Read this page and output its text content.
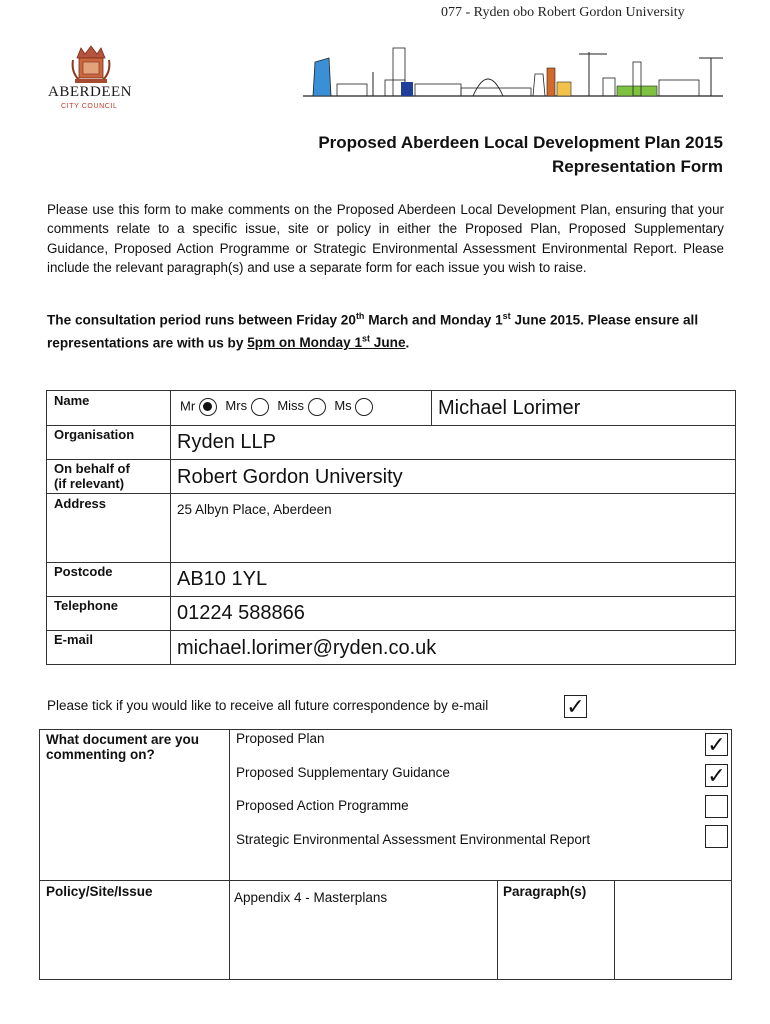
077 - Ryden obo Robert Gordon University
ABERDEEN
CITY COUNCIL
Proposed Aberdeen Local Development Plan 2015
Representation Form
Please use this form to make comments on the Proposed Aberdeen Local Development Plan, ensuring that your comments relate to a specific issue, site or policy in either the Proposed Plan, Proposed Supplementary Guidance, Proposed Action Programme or Strategic Environmental Assessment Environmental Report. Please include the relevant paragraph(s) and use a separate form for each issue you wish to raise.
The consultation period runs between Friday 20th March and Monday 1st June 2015. Please ensure all representations are with us by 5pm on Monday 1st June.
Name	Mr Mrs Miss Ms	Michael Lorimer
Organisation Ryden LLP
On behalf of
(if relevant)	Robert Gordon University
Address	25 Albyn Place, Aberdeen
Postcode	AB10 1YL
Telephone	01224 588866
E-mail	michael.lorimer@ryden.co.uk
Please tick if you would like to receive all future correspondence by e-mail	✓
What document are you
commenting on?
Proposed Plan	✓
Proposed Supplementary Guidance	✓
Proposed Action Programme
Strategic Environmental Assessment Environmental Report
Policy/Site/Issue	Appendix 4 - Masterplans	Paragraph(s)
